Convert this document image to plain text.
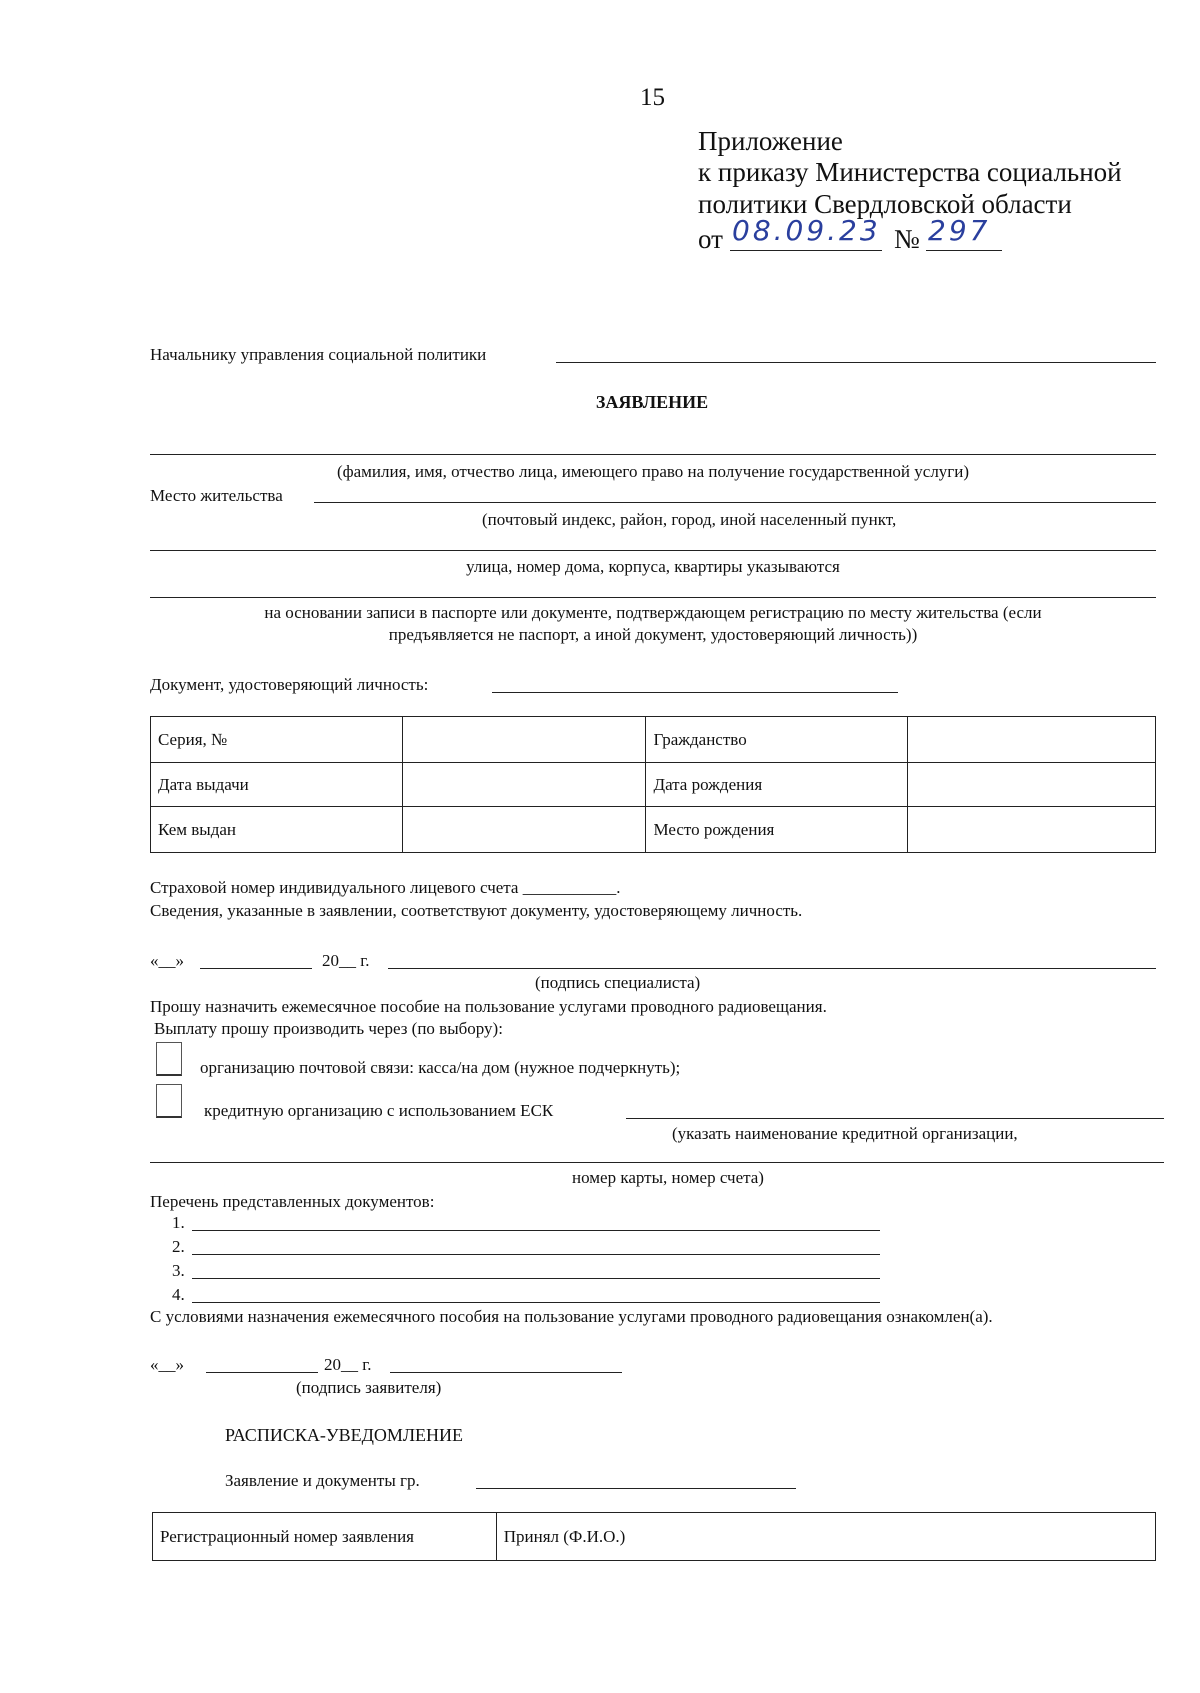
15
Приложение
к приказу Министерства социальной
политики Свердловской области
от 08.09.23 № 297
Начальнику управления социальной политики
ЗАЯВЛЕНИЕ
(фамилия, имя, отчество лица, имеющего право на получение государственной услуги)
Место жительства
(почтовый индекс, район, город, иной населенный пункт,
улица, номер дома, корпуса, квартиры указываются
на основании записи в паспорте или документе, подтверждающем регистрацию по месту жительства (если
предъявляется не паспорт, а иной документ, удостоверяющий личность))
Документ, удостоверяющий личность:
Серия, №		Гражданство	
Дата выдачи		Дата рождения	
Кем выдан		Место рождения	
Страховой номер индивидуального лицевого счета ___________.
Сведения, указанные в заявлении, соответствуют документу, удостоверяющему личность.
«__»	20__ г.
(подпись специалиста)
Прошу назначить ежемесячное пособие на пользование услугами проводного радиовещания.
Выплату прошу производить через (по выбору):
организацию почтовой связи: касса/на дом (нужное подчеркнуть);
кредитную организацию с использованием ЕСК
(указать наименование кредитной организации,
номер карты, номер счета)
Перечень представленных документов:
1.
2.
3.
4.
С условиями назначения ежемесячного пособия на пользование услугами проводного радиовещания ознакомлен(а).
«__»	20__ г.
(подпись заявителя)
РАСПИСКА-УВЕДОМЛЕНИЕ
Заявление и документы гр.
Регистрационный номер заявления	Принял (Ф.И.О.)
